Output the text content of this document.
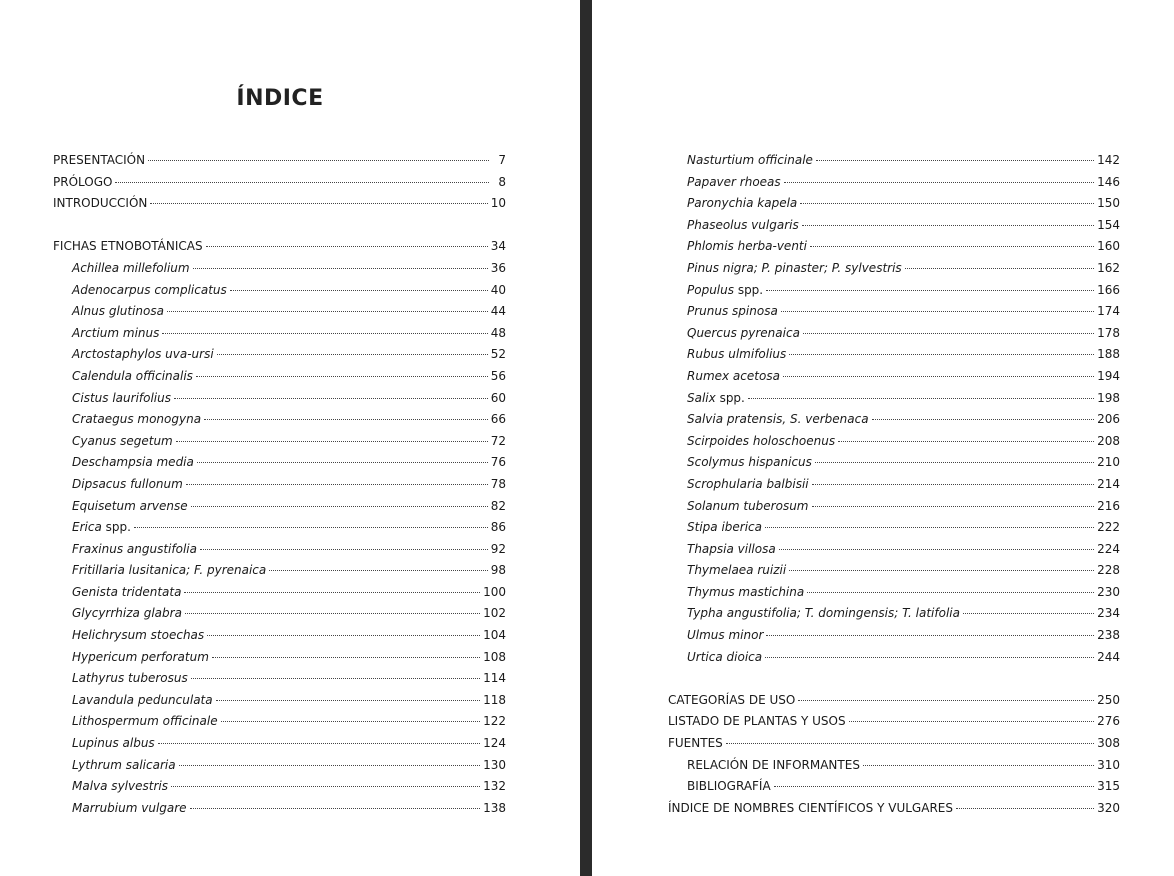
ÍNDICE
PRESENTACIÓN	7
PRÓLOGO	8
INTRODUCCIÓN	10
FICHAS ETNOBOTÁNICAS	34
Achillea millefolium	36
Adenocarpus complicatus	40
Alnus glutinosa	44
Arctium minus	48
Arctostaphylos uva-ursi	52
Calendula officinalis	56
Cistus laurifolius	60
Crataegus monogyna	66
Cyanus segetum	72
Deschampsia media	76
Dipsacus fullonum	78
Equisetum arvense	82
Erica spp.	86
Fraxinus angustifolia	92
Fritillaria lusitanica; F. pyrenaica	98
Genista tridentata	100
Glycyrrhiza glabra	102
Helichrysum stoechas	104
Hypericum perforatum	108
Lathyrus tuberosus	114
Lavandula pedunculata	118
Lithospermum officinale	122
Lupinus albus	124
Lythrum salicaria	130
Malva sylvestris	132
Marrubium vulgare	138
Nasturtium officinale	142
Papaver rhoeas	146
Paronychia kapela	150
Phaseolus vulgaris	154
Phlomis herba-venti	160
Pinus nigra; P. pinaster; P. sylvestris	162
Populus spp.	166
Prunus spinosa	174
Quercus pyrenaica	178
Rubus ulmifolius	188
Rumex acetosa	194
Salix spp.	198
Salvia pratensis, S. verbenaca	206
Scirpoides holoschoenus	208
Scolymus hispanicus	210
Scrophularia balbisii	214
Solanum tuberosum	216
Stipa iberica	222
Thapsia villosa	224
Thymelaea ruizii	228
Thymus mastichina	230
Typha angustifolia; T. domingensis; T. latifolia	234
Ulmus minor	238
Urtica dioica	244
CATEGORÍAS DE USO	250
LISTADO DE PLANTAS Y USOS	276
FUENTES	308
RELACIÓN DE INFORMANTES	310
BIBLIOGRAFÍA	315
ÍNDICE DE NOMBRES CIENTÍFICOS Y VULGARES	320
